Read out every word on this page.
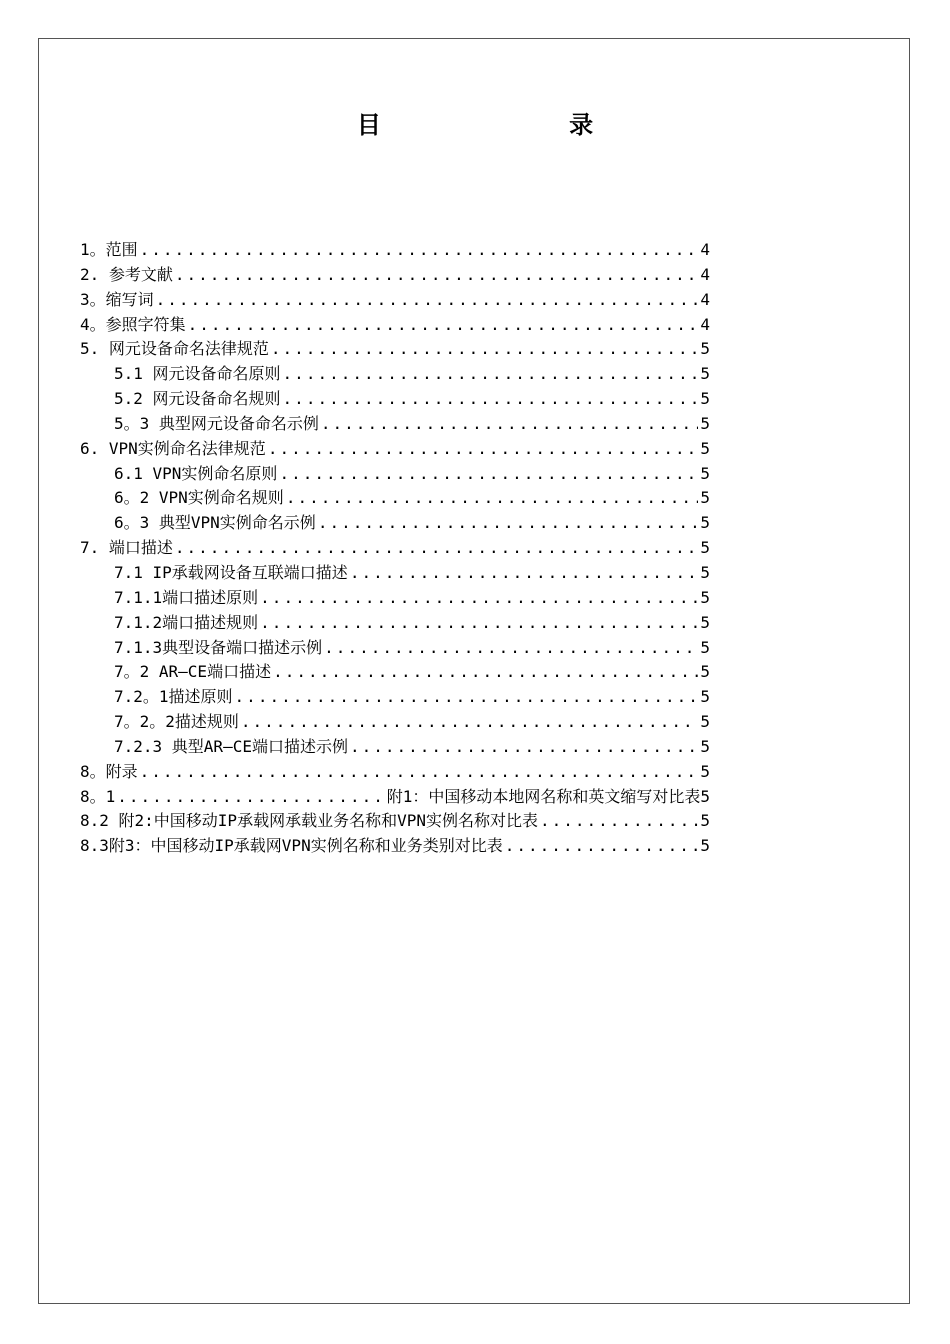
目 录
1。范围 .....	4
2. 参考文献 .....	4
3。缩写词 .....	4
4。参照字符集 .....	4
5. 网元设备命名法律规范 .....	5
5.1 网元设备命名原则 .....	5
5.2 网元设备命名规则 .....	5
5。3 典型网元设备命名示例 .....	5
6. VPN实例命名法律规范 .....	5
6.1 VPN实例命名原则 .....	5
6。2 VPN实例命名规则 .....	5
6。3 典型VPN实例命名示例 .....	5
7. 端口描述 .....	5
7.1 IP承载网设备互联端口描述 .....	5
7.1.1端口描述原则 .....	5
7.1.2端口描述规则 .....	5
7.1.3典型设备端口描述示例 .....	5
7。2 AR—CE端口描述 .....	5
7.2。1描述原则 .....	5
7。2。2描述规则 .....	5
7.2.3 典型AR—CE端口描述示例 .....	5
8。附录 .....	5
8。1 .....	附1：中国移动本地网名称和英文缩写对比表 5
8.2 附2:中国移动IP承载网承载业务名称和VPN实例名称对比表 .....	5
8.3附3：中国移动IP承载网VPN实例名称和业务类别对比表 .....	5
